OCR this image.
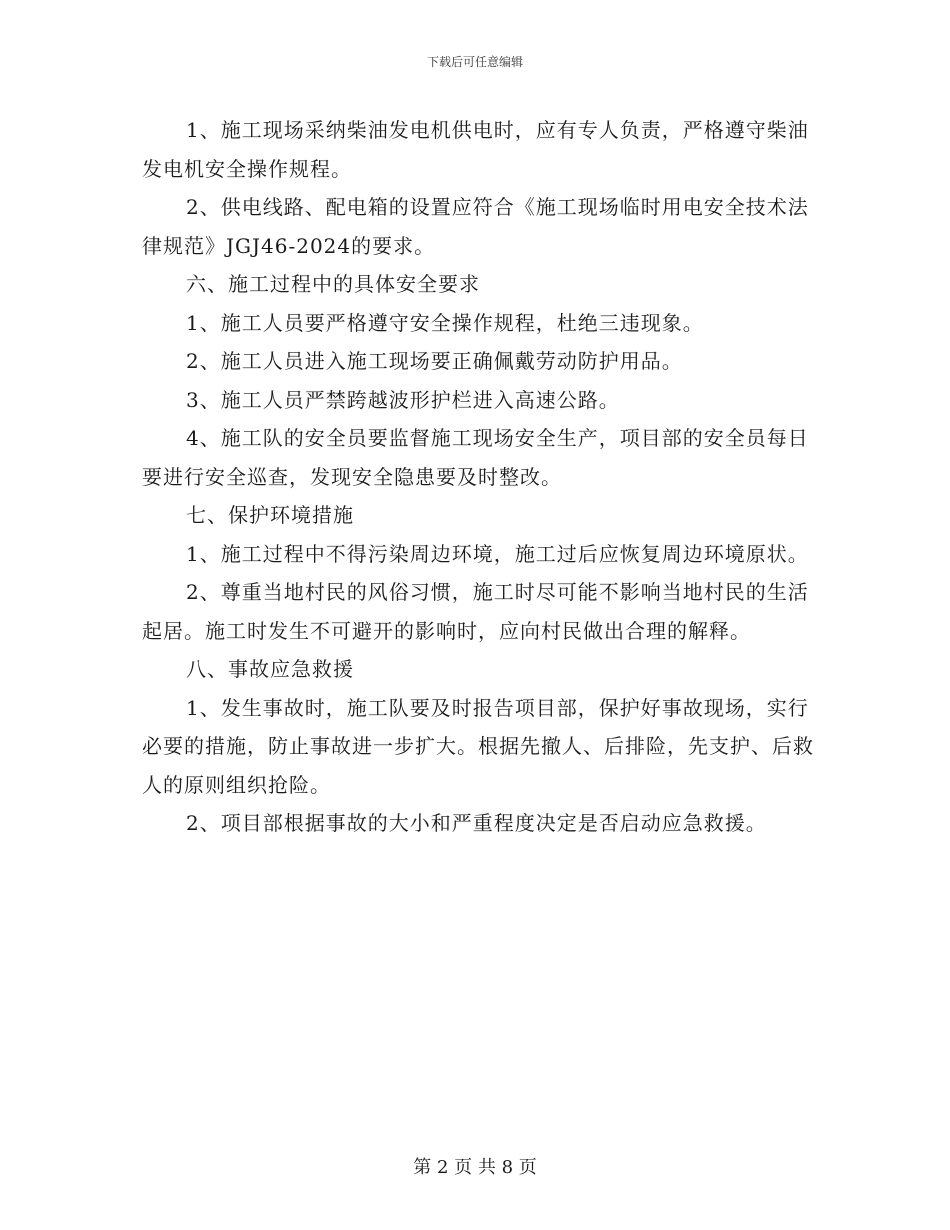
下载后可任意编辑

1、施工现场采纳柴油发电机供电时，应有专人负责，严格遵守柴油发电机安全操作规程。

2、供电线路、配电箱的设置应符合《施工现场临时用电安全技术法律规范》JGJ46-2024的要求。

六、施工过程中的具体安全要求

1、施工人员要严格遵守安全操作规程，杜绝三违现象。

2、施工人员进入施工现场要正确佩戴劳动防护用品。

3、施工人员严禁跨越波形护栏进入高速公路。

4、施工队的安全员要监督施工现场安全生产，项目部的安全员每日要进行安全巡查，发现安全隐患要及时整改。

七、保护环境措施

1、施工过程中不得污染周边环境，施工过后应恢复周边环境原状。

2、尊重当地村民的风俗习惯，施工时尽可能不影响当地村民的生活起居。施工时发生不可避开的影响时，应向村民做出合理的解释。

八、事故应急救援

1、发生事故时，施工队要及时报告项目部，保护好事故现场，实行必要的措施，防止事故进一步扩大。根据先撤人、后排险，先支护、后救人的原则组织抢险。

2、项目部根据事故的大小和严重程度决定是否启动应急救援。

第 2 页 共 8 页
